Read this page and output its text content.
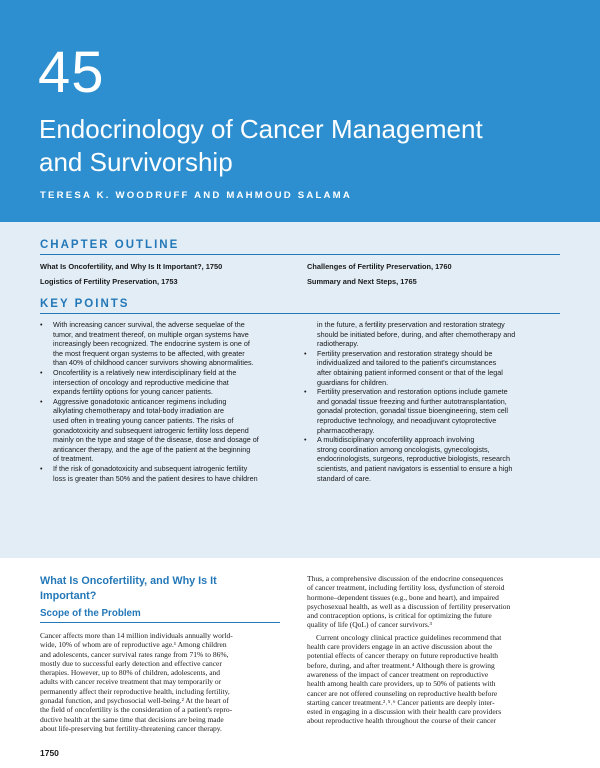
45
Endocrinology of Cancer Management
and Survivorship
TERESA K. WOODRUFF AND MAHMOUD SALAMA
CHAPTER OUTLINE
What Is Oncofertility, and Why Is It Important?, 1750
Logistics of Fertility Preservation, 1753
Challenges of Fertility Preservation, 1760
Summary and Next Steps, 1765
KEY POINTS
• With increasing cancer survival, the adverse sequelae of the
tumor, and treatment thereof, on multiple organ systems have
increasingly been recognized. The endocrine system is one of
the most frequent organ systems to be affected, with greater
than 40% of childhood cancer survivors showing abnormalities.
• Oncofertility is a relatively new interdisciplinary field at the
intersection of oncology and reproductive medicine that
expands fertility options for young cancer patients.
• Aggressive gonadotoxic anticancer regimens including
alkylating chemotherapy and total-body irradiation are
used often in treating young cancer patients. The risks of
gonadotoxicity and subsequent iatrogenic fertility loss depend
mainly on the type and stage of the disease, dose and dosage of
anticancer therapy, and the age of the patient at the beginning
of treatment.
• If the risk of gonadotoxicity and subsequent iatrogenic fertility
loss is greater than 50% and the patient desires to have children
in the future, a fertility preservation and restoration strategy
should be initiated before, during, and after chemotherapy and
radiotherapy.
• Fertility preservation and restoration strategy should be
individualized and tailored to the patient's circumstances
after obtaining patient informed consent or that of the legal
guardians for children.
• Fertility preservation and restoration options include gamete
and gonadal tissue freezing and further autotransplantation,
gonadal protection, gonadal tissue bioengineering, stem cell
reproductive technology, and neoadjuvant cytoprotective
pharmacotherapy.
• A multidisciplinary oncofertility approach involving
strong coordination among oncologists, gynecologists,
endocrinologists, surgeons, reproductive biologists, research
scientists, and patient navigators is essential to ensure a high
standard of care.
What Is Oncofertility, and Why Is It
Important?
Scope of the Problem
Cancer affects more than 14 million individuals annually world-
wide, 10% of whom are of reproductive age.¹ Among children
and adolescents, cancer survival rates range from 71% to 86%,
mostly due to successful early detection and effective cancer
therapies. However, up to 80% of children, adolescents, and
adults with cancer receive treatment that may temporarily or
permanently affect their reproductive health, including fertility,
gonadal function, and psychosocial well-being.² At the heart of
the field of oncofertility is the consideration of a patient's repro-
ductive health at the same time that decisions are being made
about life-preserving but fertility-threatening cancer therapy.
Thus, a comprehensive discussion of the endocrine consequences
of cancer treatment, including fertility loss, dysfunction of steroid
hormone–dependent tissues (e.g., bone and heart), and impaired
psychosexual health, as well as a discussion of fertility preservation
and contraception options, is critical for optimizing the future
quality of life (QoL) of cancer survivors.³
Current oncology clinical practice guidelines recommend that
health care providers engage in an active discussion about the
potential effects of cancer therapy on future reproductive health
before, during, and after treatment.⁴ Although there is growing
awareness of the impact of cancer treatment on reproductive
health among health care providers, up to 50% of patients with
cancer are not offered counseling on reproductive health before
starting cancer treatment.²˒⁵˒⁶ Cancer patients are deeply inter-
ested in engaging in a discussion with their health care providers
about reproductive health throughout the course of their cancer
1750
